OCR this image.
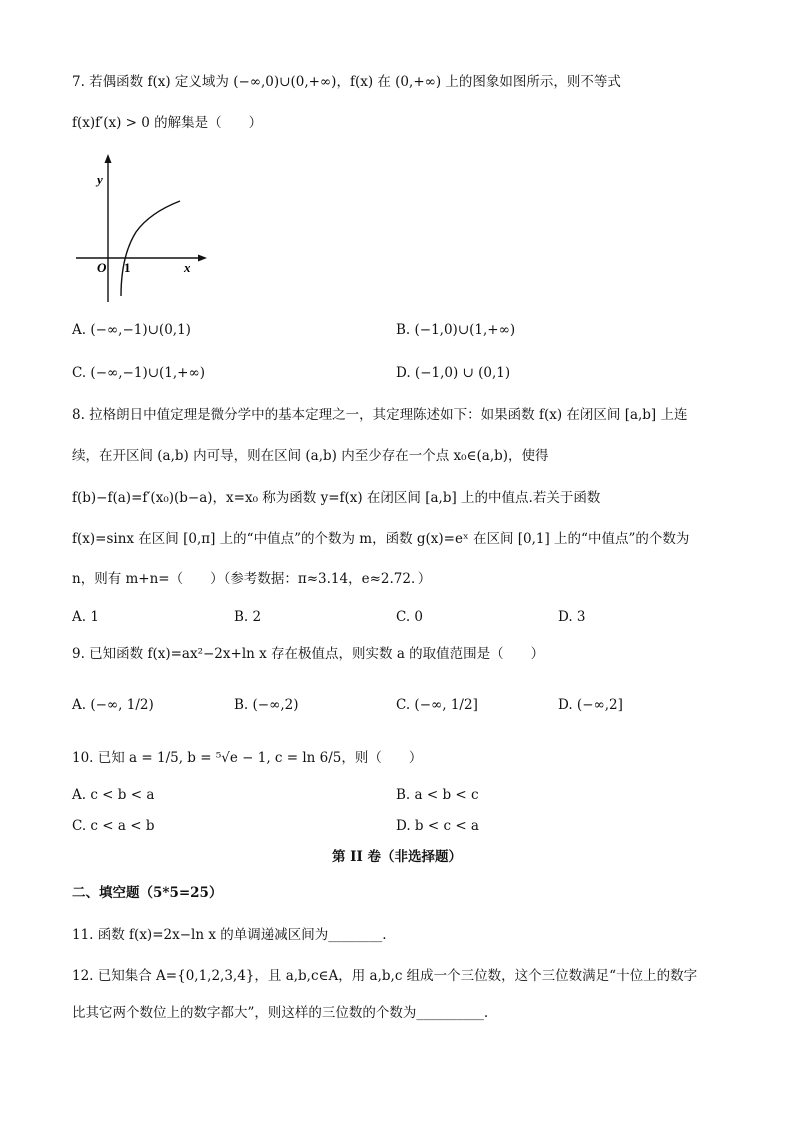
7. 若偶函数 f(x) 定义域为 (−∞,0)∪(0,+∞)，f(x) 在 (0,+∞) 上的图象如图所示，则不等式
f(x)f′(x) > 0 的解集是（　　）
y
x
O 1
A. (−∞,−1)∪(0,1)	B. (−1,0)∪(1,+∞)
C. (−∞,−1)∪(1,+∞)	D. (−1,0) ∪ (0,1)
8. 拉格朗日中值定理是微分学中的基本定理之一，其定理陈述如下：如果函数 f(x) 在闭区间 [a,b] 上连
续，在开区间 (a,b) 内可导，则在区间 (a,b) 内至少存在一个点 x₀∈(a,b)，使得
f(b)−f(a)=f′(x₀)(b−a)，x=x₀ 称为函数 y=f(x) 在闭区间 [a,b] 上的中值点.若关于函数
f(x)=sinx 在区间 [0,π] 上的“中值点”的个数为 m，函数 g(x)=eˣ 在区间 [0,1] 上的“中值点”的个数为
n，则有 m+n=（　　）（参考数据：π≈3.14，e≈2.72．）
A. 1	B. 2	C. 0	D. 3
9. 已知函数 f(x)=ax²−2x+ln x 存在极值点，则实数 a 的取值范围是（　　）
A. (−∞, 1/2)	B. (−∞,2)	C. (−∞, 1/2]	D. (−∞,2]
10. 已知 a = 1/5, b = ⁵√e − 1, c = ln 6/5，则（　　）
A. c < b < a	B. a < b < c
C. c < a < b	D. b < c < a
第 II 卷（非选择题）
二、填空题（5*5=25）
11. 函数 f(x)=2x−ln x 的单调递减区间为________.
12. 已知集合 A={0,1,2,3,4}，且 a,b,c∈A，用 a,b,c 组成一个三位数，这个三位数满足“十位上的数字
比其它两个数位上的数字都大”，则这样的三位数的个数为__________.
